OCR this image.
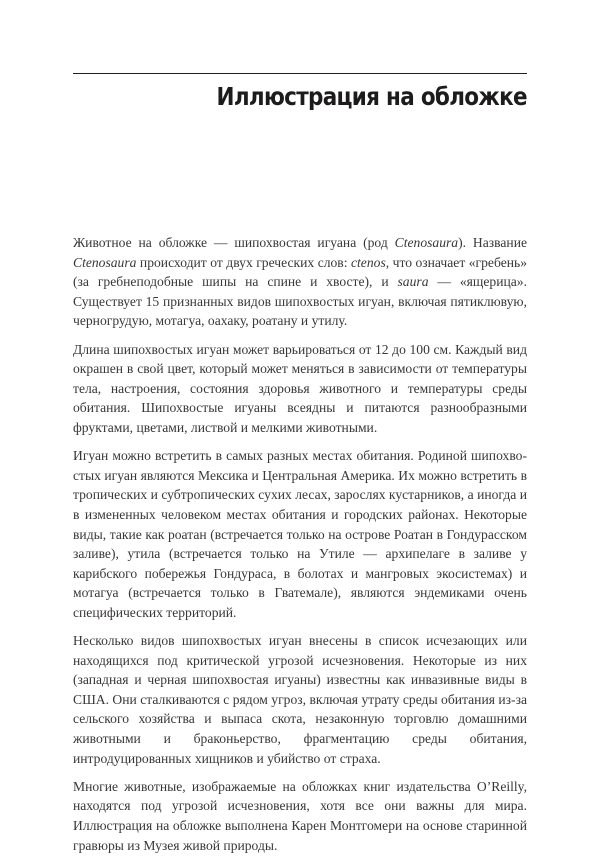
Иллюстрация на обложке

Животное на обложке — шипохвостая игуана (род Ctenosaura). Название Ctenosaura происходит от двух греческих слов: ctenos, что означает «гребень» (за гребнеподобные шипы на спине и хвосте), и saura — «ящерица». Существует 15 признанных видов шипохвостых игуан, включая пятиклювую, черногрудую, мотагуа, оахаку, роатану и утилу.

Длина шипохвостых игуан может варьироваться от 12 до 100 см. Каждый вид окрашен в свой цвет, который может меняться в зависимости от температуры тела, настроения, состояния здоровья животного и температуры среды обитания. Шипохвостые игуаны всеядны и питаются разнообразными фруктами, цветами, листвой и мелкими животными.

Игуан можно встретить в самых разных местах обитания. Родиной шипохвостых игуан являются Мексика и Центральная Америка. Их можно встретить в тропических и субтропических сухих лесах, зарослях кустарников, а иногда и в измененных человеком местах обитания и городских районах. Некоторые виды, такие как роатан (встречается только на острове Роатан в Гондурасском заливе), утила (встречается только на Утиле — архипелаге в заливе у карибского побережья Гондураса, в болотах и мангровых экосистемах) и мотагуа (встречается только в Гватемале), являются эндемиками очень специфических территорий.

Несколько видов шипохвостых игуан внесены в список исчезающих или находящихся под критической угрозой исчезновения. Некоторые из них (западная и черная шипохвостая игуаны) известны как инвазивные виды в США. Они сталкиваются с рядом угроз, включая утрату среды обитания из-за сельского хозяйства и выпаса скота, незаконную торговлю домашними животными и браконьерство, фрагментацию среды обитания, интродуцированных хищников и убийство от страха.

Многие животные, изображаемые на обложках книг издательства O’Reilly, находятся под угрозой исчезновения, хотя все они важны для мира. Иллюстрация на обложке выполнена Карен Монтгомери на основе старинной гравюры из Музея живой природы.
